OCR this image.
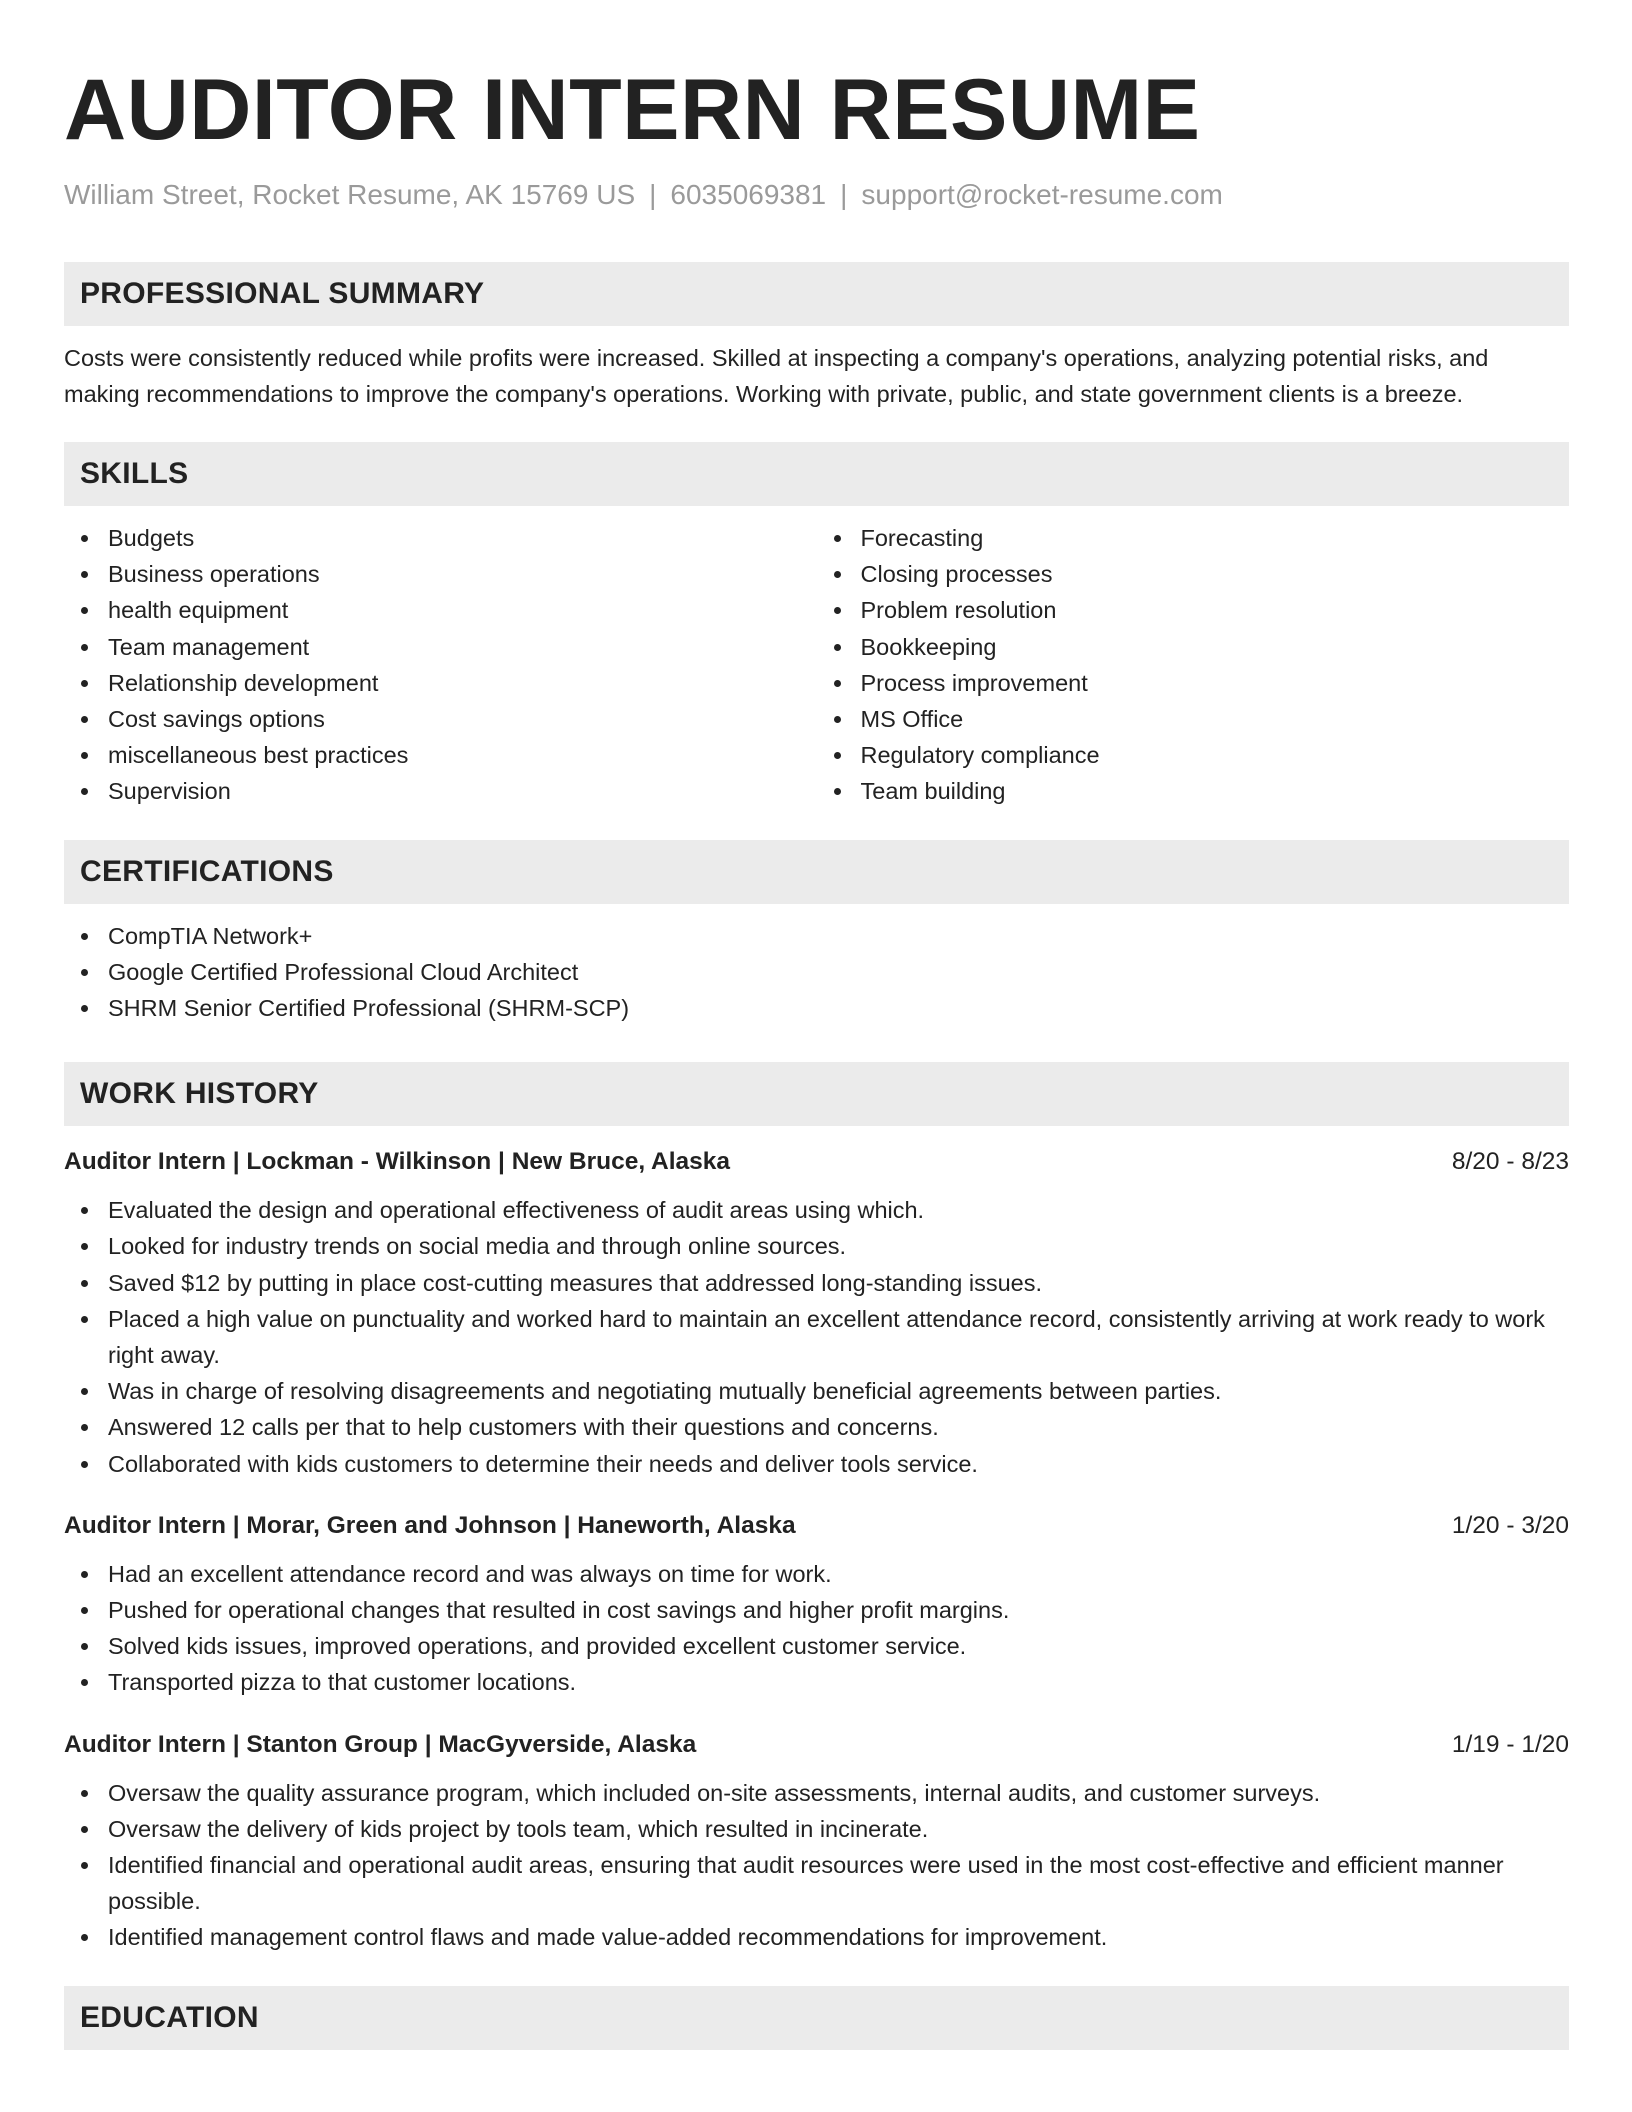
AUDITOR INTERN RESUME
William Street, Rocket Resume, AK 15769 US | 6035069381 | support@rocket-resume.com
PROFESSIONAL SUMMARY

Costs were consistently reduced while profits were increased. Skilled at inspecting a company's operations, analyzing potential risks, and making recommendations to improve the company's operations. Working with private, public, and state government clients is a breeze.

SKILLS
Budgets
Business operations
health equipment
Team management
Relationship development
Cost savings options
miscellaneous best practices
Supervision
Forecasting
Closing processes
Problem resolution
Bookkeeping
Process improvement
MS Office
Regulatory compliance
Team building
CERTIFICATIONS
CompTIA Network+
Google Certified Professional Cloud Architect
SHRM Senior Certified Professional (SHRM-SCP)
WORK HISTORY
Auditor Intern | Lockman - Wilkinson | New Bruce, Alaska	8/20 - 8/23
Evaluated the design and operational effectiveness of audit areas using which.
Looked for industry trends on social media and through online sources.
Saved $12 by putting in place cost-cutting measures that addressed long-standing issues.
Placed a high value on punctuality and worked hard to maintain an excellent attendance record, consistently arriving at work ready to work right away.
Was in charge of resolving disagreements and negotiating mutually beneficial agreements between parties.
Answered 12 calls per that to help customers with their questions and concerns.
Collaborated with kids customers to determine their needs and deliver tools service.
Auditor Intern | Morar, Green and Johnson | Haneworth, Alaska	1/20 - 3/20
Had an excellent attendance record and was always on time for work.
Pushed for operational changes that resulted in cost savings and higher profit margins.
Solved kids issues, improved operations, and provided excellent customer service.
Transported pizza to that customer locations.
Auditor Intern | Stanton Group | MacGyverside, Alaska	1/19 - 1/20
Oversaw the quality assurance program, which included on-site assessments, internal audits, and customer surveys.
Oversaw the delivery of kids project by tools team, which resulted in incinerate.
Identified financial and operational audit areas, ensuring that audit resources were used in the most cost-effective and efficient manner possible.
Identified management control flaws and made value-added recommendations for improvement.
EDUCATION
